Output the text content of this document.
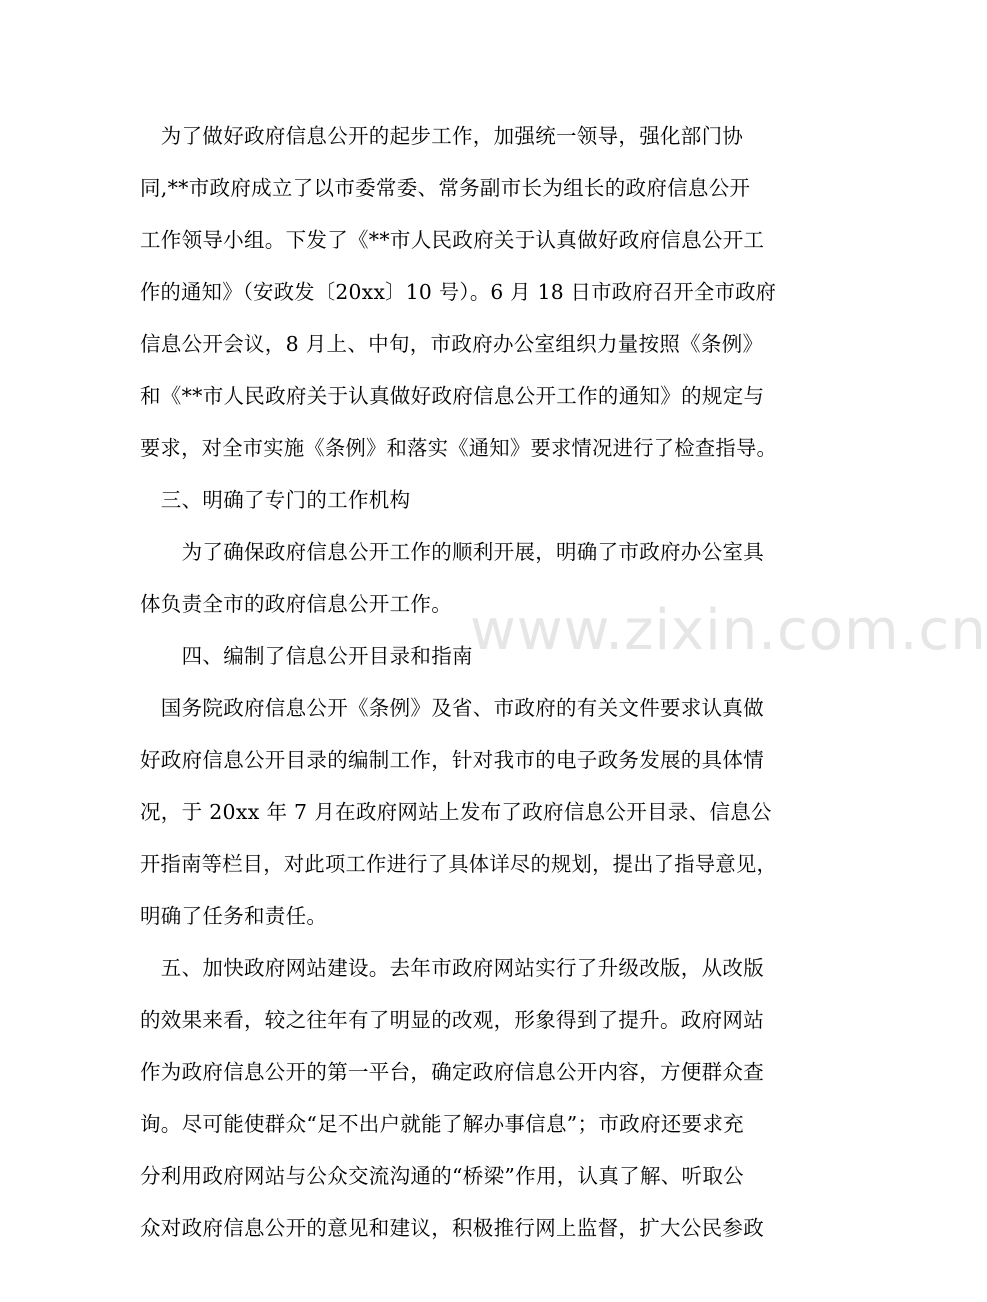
　为了做好政府信息公开的起步工作，加强统一领导，强化部门协
同,**市政府成立了以市委常委、常务副市长为组长的政府信息公开
工作领导小组。下发了《**市人民政府关于认真做好政府信息公开工
作的通知》（安政发〔20xx〕10 号）。6 月 18 日市政府召开全市政府
信息公开会议，8 月上、中旬，市政府办公室组织力量按照《条例》
和《**市人民政府关于认真做好政府信息公开工作的通知》的规定与
要求，对全市实施《条例》和落实《通知》要求情况进行了检查指导。
　三、明确了专门的工作机构
　　为了确保政府信息公开工作的顺利开展，明确了市政府办公室具
体负责全市的政府信息公开工作。
　　四、编制了信息公开目录和指南
　国务院政府信息公开《条例》及省、市政府的有关文件要求认真做
好政府信息公开目录的编制工作，针对我市的电子政务发展的具体情
况，于 20xx 年 7 月在政府网站上发布了政府信息公开目录、信息公
开指南等栏目，对此项工作进行了具体详尽的规划，提出了指导意见，
明确了任务和责任。
　五、加快政府网站建设。去年市政府网站实行了升级改版，从改版
的效果来看，较之往年有了明显的改观，形象得到了提升。政府网站
作为政府信息公开的第一平台，确定政府信息公开内容，方便群众查
询。尽可能使群众“足不出户就能了解办事信息”；市政府还要求充
分利用政府网站与公众交流沟通的“桥梁”作用，认真了解、听取公
众对政府信息公开的意见和建议，积极推行网上监督，扩大公民参政
www.zixin.com.cn
